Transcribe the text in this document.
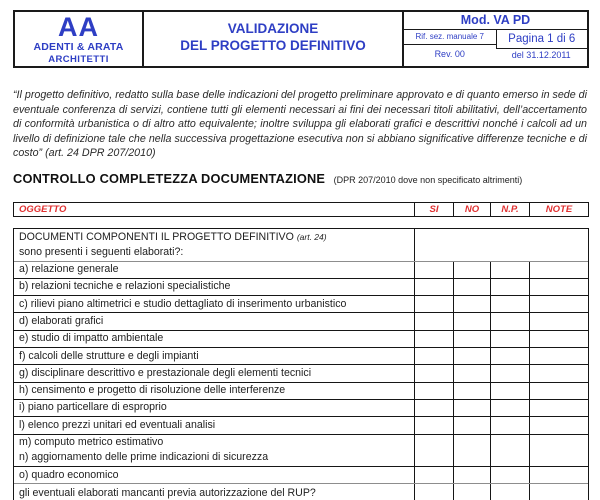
AA
ADENTI & ARATA
ARCHITETTI
VALIDAZIONE
DEL PROGETTO DEFINITIVO
Mod. VA PD
Rif. sez. manuale 7
Rev. 00
Pagina 1 di 6
del 31.12.2011
“Il progetto definitivo, redatto sulla base delle indicazioni del progetto preliminare approvato e di quanto emerso in sede di eventuale conferenza di servizi, contiene tutti gli elementi necessari ai fini dei necessari titoli abilitativi, dell’accertamento di conformità urbanistica o di altro atto equivalente; inoltre sviluppa gli elaborati grafici e descrittivi nonché i calcoli ad un livello di definizione tale che nella successiva progettazione esecutiva non si abbiano significative differenze tecniche e di costo” (art. 24 DPR 207/2010)
CONTROLLO COMPLETEZZA DOCUMENTAZIONE (DPR 207/2010 dove non specificato altrimenti)
OGGETTO	SI	NO	N.P.	NOTE
DOCUMENTI COMPONENTI IL PROGETTO DEFINITIVO (art. 24)
sono presenti i seguenti elaborati?:
a) relazione generale
b) relazioni tecniche e relazioni specialistiche
c) rilievi piano altimetrici e studio dettagliato di inserimento urbanistico
d) elaborati grafici
e) studio di impatto ambientale
f) calcoli delle strutture e degli impianti
g) disciplinare descrittivo e prestazionale degli elementi tecnici
h) censimento e progetto di risoluzione delle interferenze
i) piano particellare di esproprio
l) elenco prezzi unitari ed eventuali analisi
m) computo metrico estimativo
n) aggiornamento delle prime indicazioni di sicurezza
o) quadro economico
gli eventuali elaborati mancanti previa autorizzazione del RUP?
